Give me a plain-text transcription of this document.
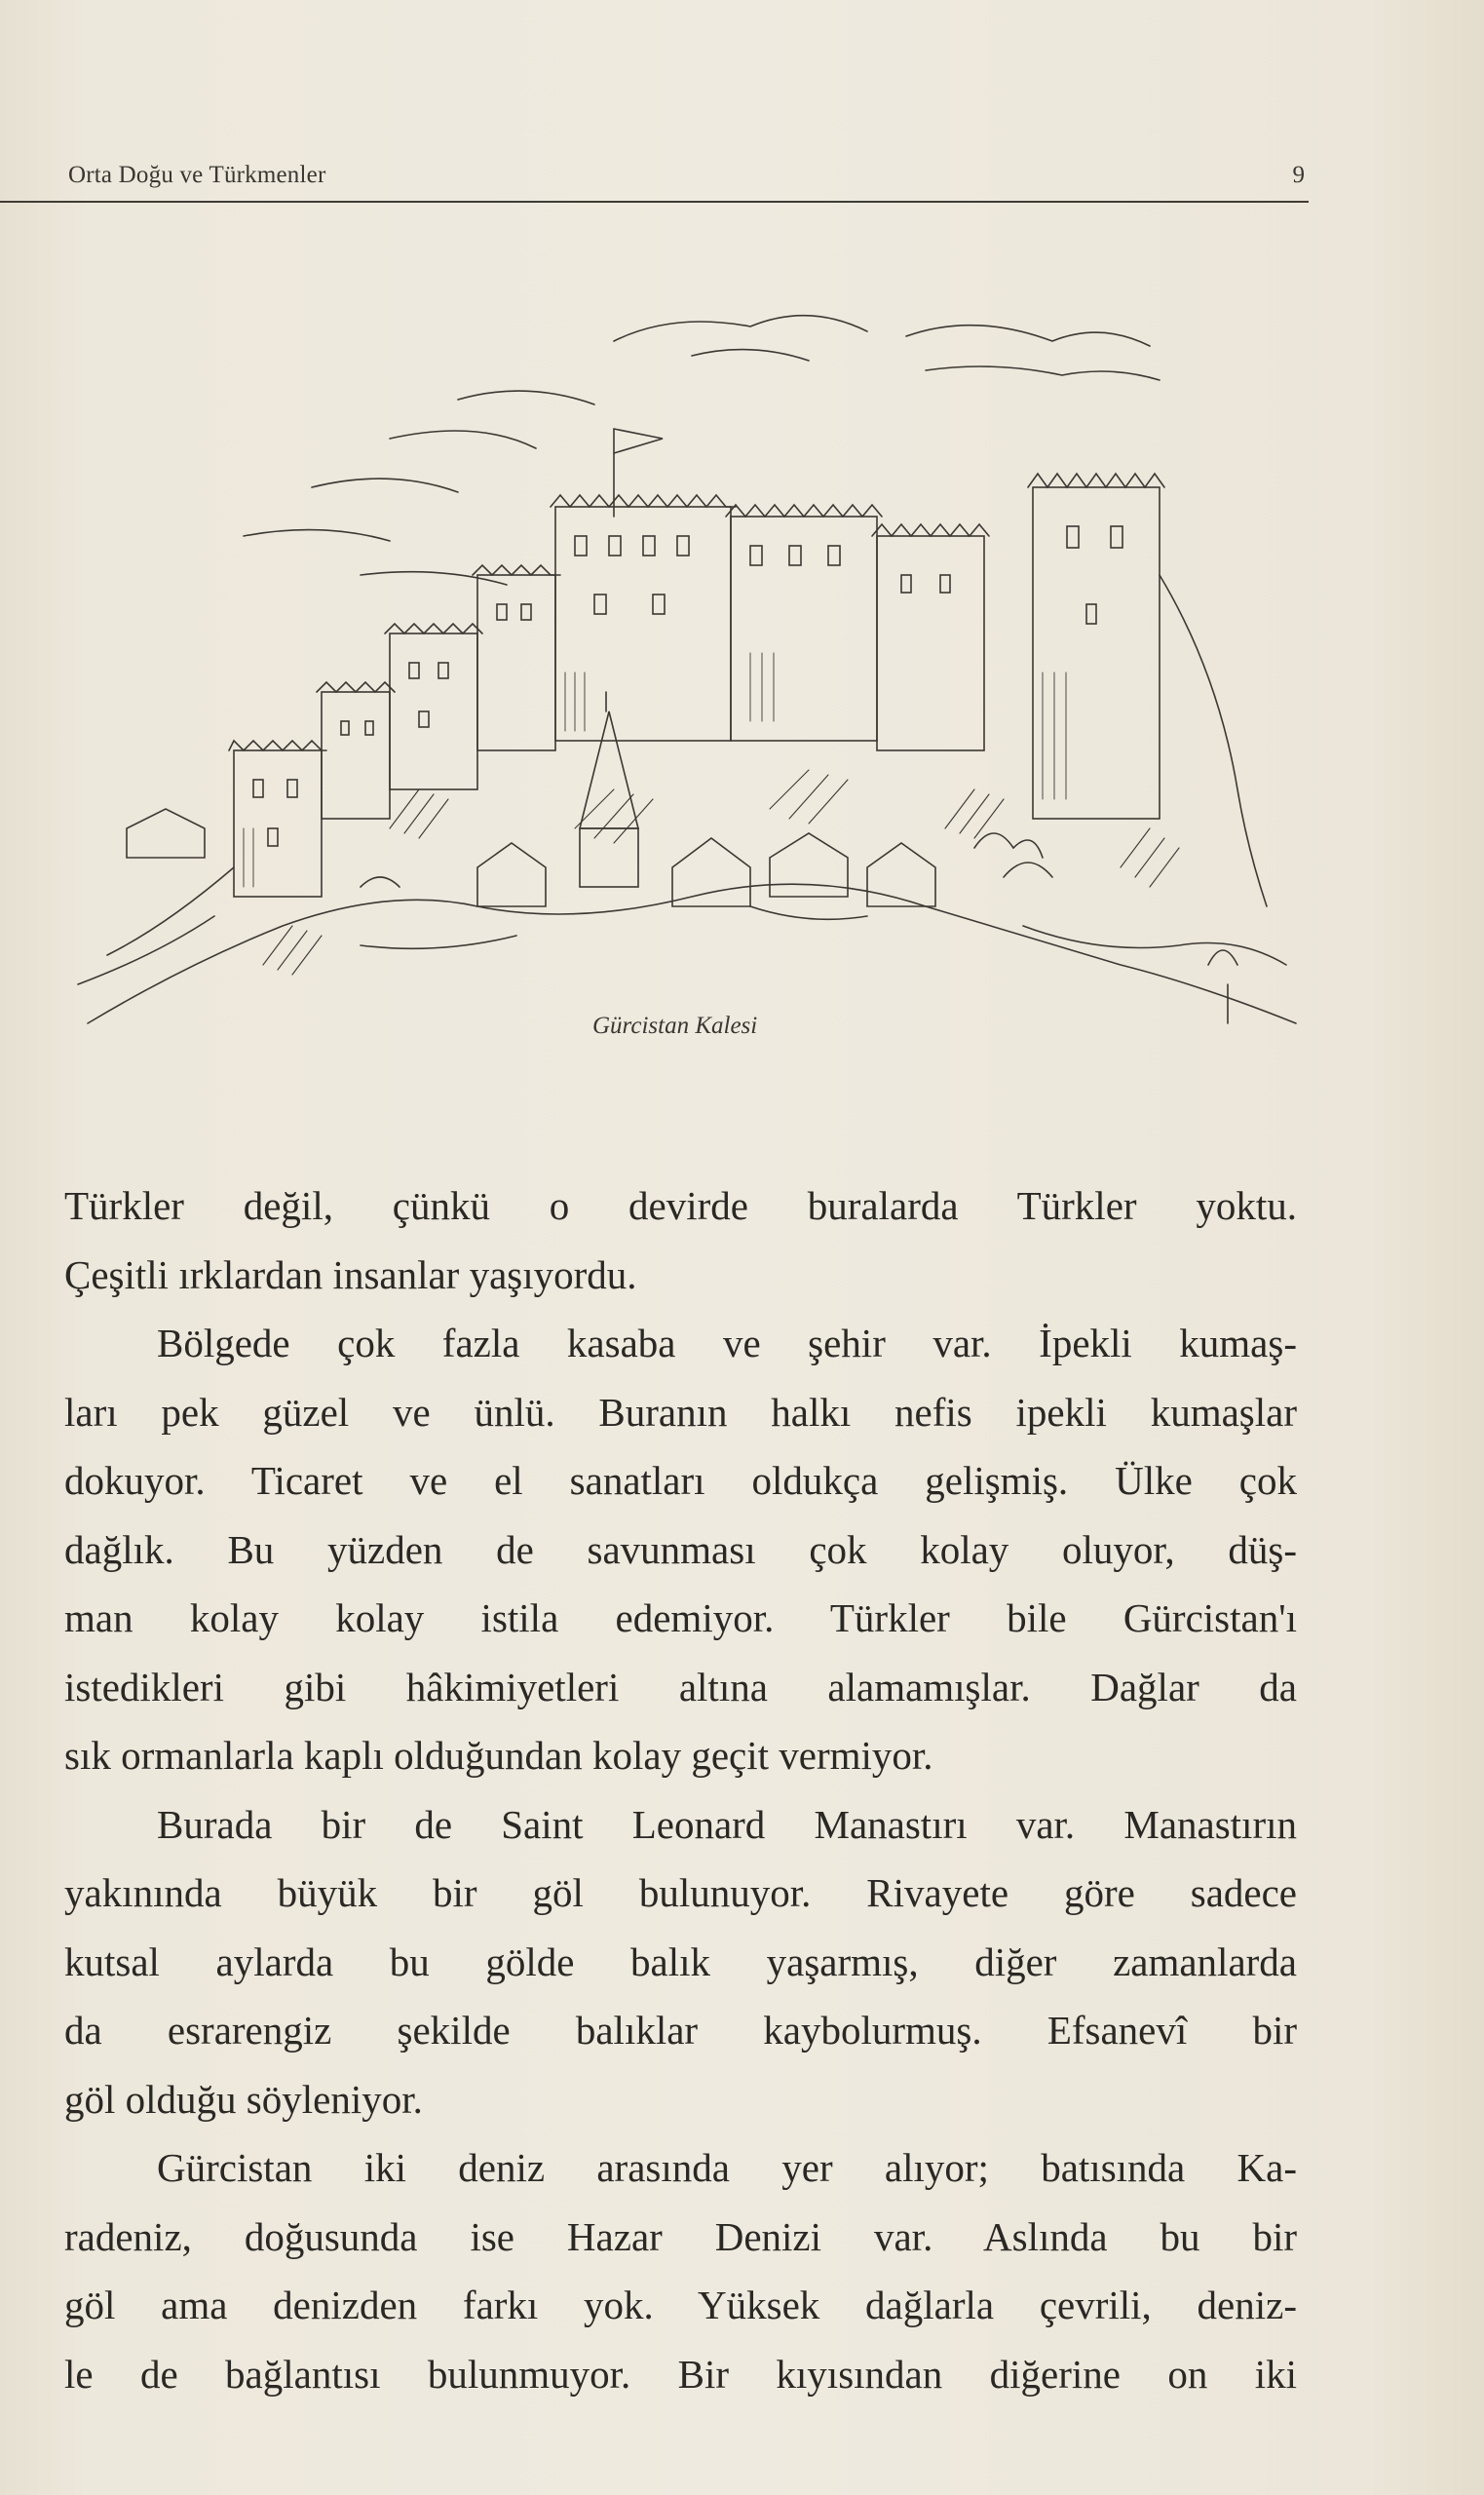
Orta Doğu ve Türkmenler	9
Gürcistan Kalesi
Türkler değil, çünkü o devirde buralarda Türkler yoktu.
Çeşitli ırklardan insanlar yaşıyordu.
Bölgede çok fazla kasaba ve şehir var. İpekli kumaş-
ları pek güzel ve ünlü. Buranın halkı nefis ipekli kumaşlar
dokuyor. Ticaret ve el sanatları oldukça gelişmiş. Ülke çok
dağlık. Bu yüzden de savunması çok kolay oluyor, düş-
man kolay kolay istila edemiyor. Türkler bile Gürcistan'ı
istedikleri gibi hâkimiyetleri altına alamamışlar. Dağlar da
sık ormanlarla kaplı olduğundan kolay geçit vermiyor.
Burada bir de Saint Leonard Manastırı var. Manastırın
yakınında büyük bir göl bulunuyor. Rivayete göre sadece
kutsal aylarda bu gölde balık yaşarmış, diğer zamanlarda
da esrarengiz şekilde balıklar kaybolurmuş. Efsanevî bir
göl olduğu söyleniyor.
Gürcistan iki deniz arasında yer alıyor; batısında Ka-
radeniz, doğusunda ise Hazar Denizi var. Aslında bu bir
göl ama denizden farkı yok. Yüksek dağlarla çevrili, deniz-
le de bağlantısı bulunmuyor. Bir kıyısından diğerine on iki
